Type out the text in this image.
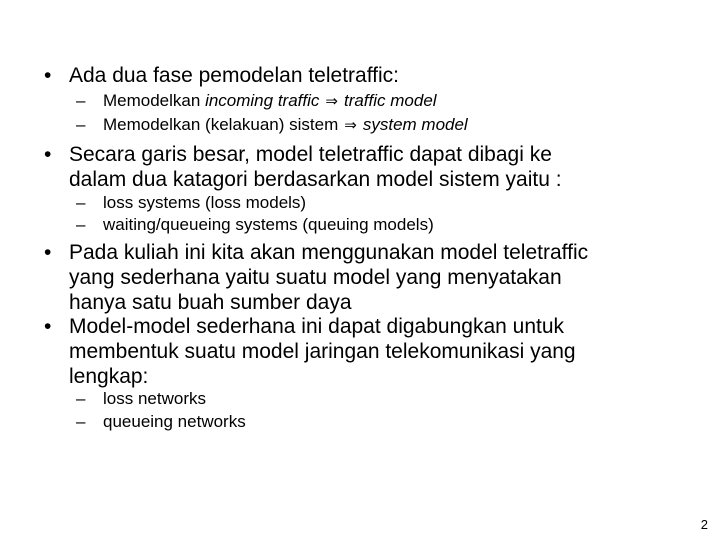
• Ada dua fase pemodelan teletraffic:
– Memodelkan incoming traffic ⇒ traffic model
– Memodelkan (kelakuan) sistem ⇒ system model
• Secara garis besar, model teletraffic dapat dibagi ke
dalam dua katagori berdasarkan model sistem yaitu :
– loss systems (loss models)
– waiting/queueing systems (queuing models)
• Pada kuliah ini kita akan menggunakan model teletraffic
yang sederhana yaitu suatu model yang menyatakan
hanya satu buah sumber daya
• Model-model sederhana ini dapat digabungkan untuk
membentuk suatu model jaringan telekomunikasi yang
lengkap:
– loss networks
– queueing networks
2
